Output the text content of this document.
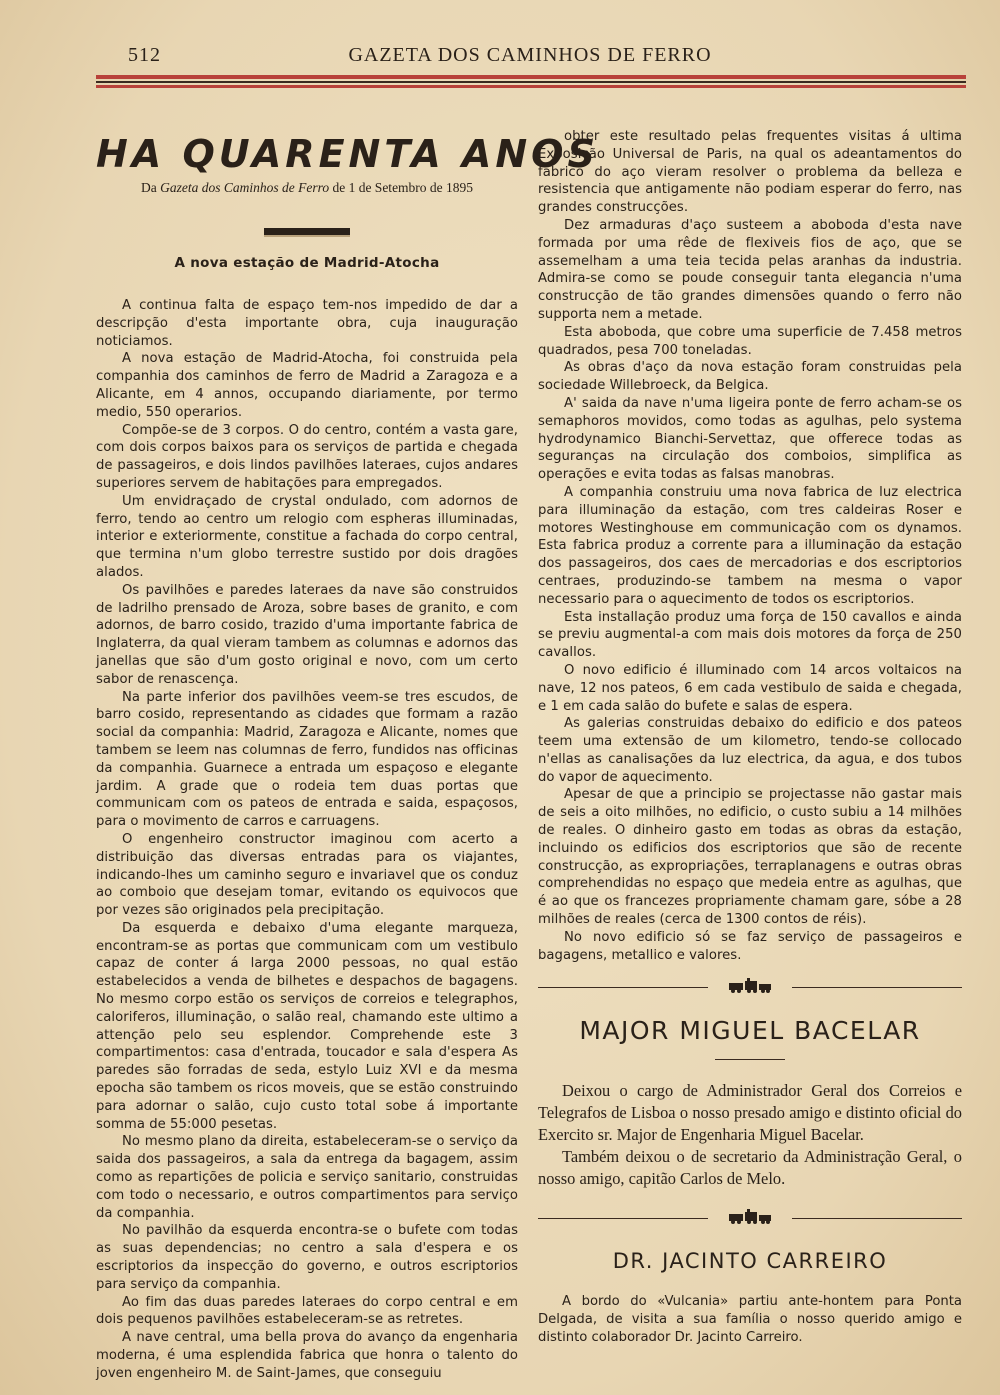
512	GAZETA DOS CAMINHOS DE FERRO
HA QUARENTA ANOS
Da Gazeta dos Caminhos de Ferro de 1 de Setembro de 1895
A nova estação de Madrid-Atocha

A continua falta de espaço tem-nos impedido de dar a descripção d'esta importante obra, cuja inauguração noticiamos.

A nova estação de Madrid-Atocha, foi construida pela companhia dos caminhos de ferro de Madrid a Zaragoza e a Alicante, em 4 annos, occupando diariamente, por termo medio, 550 operarios.

Compõe-se de 3 corpos. O do centro, contém a vasta gare, com dois corpos baixos para os serviços de partida e chegada de passageiros, e dois lindos pavilhões lateraes, cujos andares superiores servem de habitações para empregados.

Um envidraçado de crystal ondulado, com adornos de ferro, tendo ao centro um relogio com espheras illuminadas, interior e exteriormente, constitue a fachada do corpo central, que termina n'um globo terrestre sustido por dois dragões alados.

Os pavilhões e paredes lateraes da nave são construidos de ladrilho prensado de Aroza, sobre bases de granito, e com adornos, de barro cosido, trazido d'uma importante fabrica de Inglaterra, da qual vieram tambem as columnas e adornos das janellas que são d'um gosto original e novo, com um certo sabor de renascença.

Na parte inferior dos pavilhões veem-se tres escudos, de barro cosido, representando as cidades que formam a razão social da companhia: Madrid, Zaragoza e Alicante, nomes que tambem se leem nas columnas de ferro, fundidos nas officinas da companhia. Guarnece a entrada um espaçoso e elegante jardim. A grade que o rodeia tem duas portas que communicam com os pateos de entrada e saida, espaçosos, para o movimento de carros e carruagens.

O engenheiro constructor imaginou com acerto a distribuição das diversas entradas para os viajantes, indicando-lhes um caminho seguro e invariavel que os conduz ao comboio que desejam tomar, evitando os equivocos que por vezes são originados pela precipitação.

Da esquerda e debaixo d'uma elegante marqueza, encontram-se as portas que communicam com um vestibulo capaz de conter á larga 2000 pessoas, no qual estão estabelecidos a venda de bilhetes e despachos de bagagens. No mesmo corpo estão os serviços de correios e telegraphos, caloriferos, illuminação, o salão real, chamando este ultimo a attenção pelo seu esplendor. Comprehende este 3 compartimentos: casa d'entrada, toucador e sala d'espera As paredes são forradas de seda, estylo Luiz XVI e da mesma epocha são tambem os ricos moveis, que se estão construindo para adornar o salão, cujo custo total sobe á importante somma de 55:000 pesetas.

No mesmo plano da direita, estabeleceram-se o serviço da saida dos passageiros, a sala da entrega da bagagem, assim como as repartições de policia e serviço sanitario, construidas com todo o necessario, e outros compartimentos para serviço da companhia.

No pavilhão da esquerda encontra-se o bufete com todas as suas dependencias; no centro a sala d'espera e os escriptorios da inspecção do governo, e outros escriptorios para serviço da companhia.

Ao fim das duas paredes lateraes do corpo central e em dois pequenos pavilhões estabeleceram-se as retretes.

A nave central, uma bella prova do avanço da engenharia moderna, é uma esplendida fabrica que honra o talento do joven engenheiro M. de Saint-James, que conseguiu

obter este resultado pelas frequentes visitas á ultima Exposição Universal de Paris, na qual os adeantamentos do fabrico do aço vieram resolver o problema da belleza e resistencia que antigamente não podiam esperar do ferro, nas grandes construcções.

Dez armaduras d'aço susteem a aboboda d'esta nave formada por uma rêde de flexiveis fios de aço, que se assemelham a uma teia tecida pelas aranhas da industria. Admira-se como se poude conseguir tanta elegancia n'uma construcção de tão grandes dimensões quando o ferro não supporta nem a metade.

Esta aboboda, que cobre uma superficie de 7.458 metros quadrados, pesa 700 toneladas.

As obras d'aço da nova estação foram construidas pela sociedade Willebroeck, da Belgica.

A' saida da nave n'uma ligeira ponte de ferro acham-se os semaphoros movidos, como todas as agulhas, pelo systema hydrodynamico Bianchi-Servettaz, que offerece todas as seguranças na circulação dos comboios, simplifica as operações e evita todas as falsas manobras.

A companhia construiu uma nova fabrica de luz electrica para illuminação da estação, com tres caldeiras Roser e motores Westinghouse em communicação com os dynamos. Esta fabrica produz a corrente para a illuminação da estação dos passageiros, dos caes de mercadorias e dos escriptorios centraes, produzindo-se tambem na mesma o vapor necessario para o aquecimento de todos os escriptorios.

Esta installação produz uma força de 150 cavallos e ainda se previu augmental-a com mais dois motores da força de 250 cavallos.

O novo edificio é illuminado com 14 arcos voltaicos na nave, 12 nos pateos, 6 em cada vestibulo de saida e chegada, e 1 em cada salão do bufete e salas de espera.

As galerias construidas debaixo do edificio e dos pateos teem uma extensão de um kilometro, tendo-se collocado n'ellas as canalisações da luz electrica, da agua, e dos tubos do vapor de aquecimento.

Apesar de que a principio se projectasse não gastar mais de seis a oito milhões, no edificio, o custo subiu a 14 milhões de reales. O dinheiro gasto em todas as obras da estação, incluindo os edificios dos escriptorios que são de recente construcção, as expropriações, terraplanagens e outras obras comprehendidas no espaço que medeia entre as agulhas, que é ao que os francezes propriamente chamam gare, sóbe a 28 milhões de reales (cerca de 1300 contos de réis).

No novo edificio só se faz serviço de passageiros e bagagens, metallico e valores.

MAJOR MIGUEL BACELAR

Deixou o cargo de Administrador Geral dos Correios e Telegrafos de Lisboa o nosso presado amigo e distinto oficial do Exercito sr. Major de Engenharia Miguel Bacelar.

Também deixou o de secretario da Administração Geral, o nosso amigo, capitão Carlos de Melo.

DR. JACINTO CARREIRO

A bordo do «Vulcania» partiu ante-hontem para Ponta Delgada, de visita a sua família o nosso querido amigo e distinto colaborador Dr. Jacinto Carreiro.
